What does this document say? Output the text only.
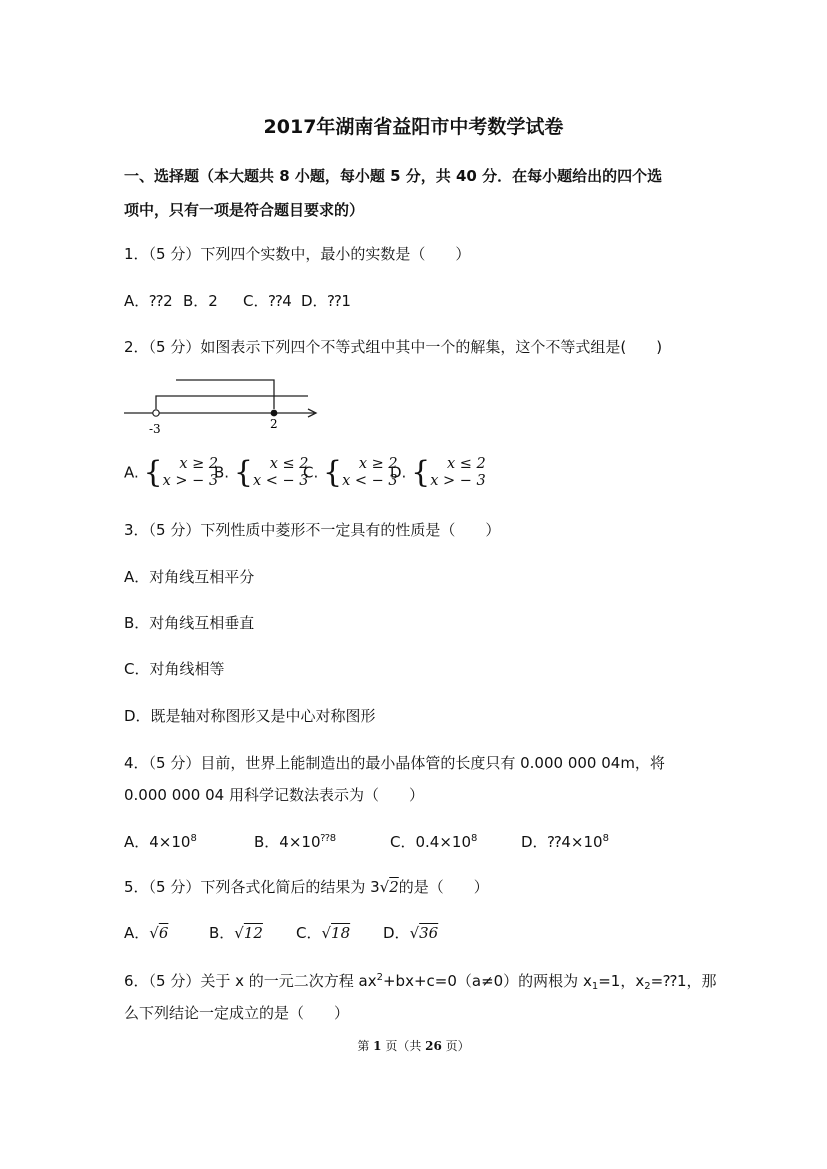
2017年湖南省益阳市中考数学试卷
一、选择题（本大题共 8 小题，每小题 5 分，共 40 分．在每小题给出的四个选
项中，只有一项是符合题目要求的）
1．（5 分）下列四个实数中，最小的实数是（　　）
A．⁇2 B．2 C．⁇4 D．⁇1
2．（5 分）如图表示下列四个不等式组中其中一个的解集，这个不等式组是(　　)
-3	2
A. { x ≥ 2
x > − 3
B. { x ≤ 2
x < − 3
C. { x ≥ 2
x < − 3
D. { x ≤ 2
x > − 3
3．（5 分）下列性质中菱形不一定具有的性质是（　　）
A．对角线互相平分
B．对角线互相垂直
C．对角线相等
D．既是轴对称图形又是中心对称图形
4．（5 分）目前，世界上能制造出的最小晶体管的长度只有 0.000 000 04m，将
0.000 000 04 用科学记数法表示为（　　）
A．$4\times 10^8$	B．$4\times 10^{⁇8}$	C．$0.4\times 10^8$	D．$⁇4\times 10^8$
5．（5 分）下列各式化简后的结果为 3√2的是（　　）
A．√6	B．√12 C．√18 D．√36
6．（5 分）关于 x 的一元二次方程 $ax^2+bx+c=0(a\ne 0)$的两根为 $x_1=1$，$x_2=⁇1$，那
么下列结论一定成立的是（　　）
第 1 页（共 26 页）
